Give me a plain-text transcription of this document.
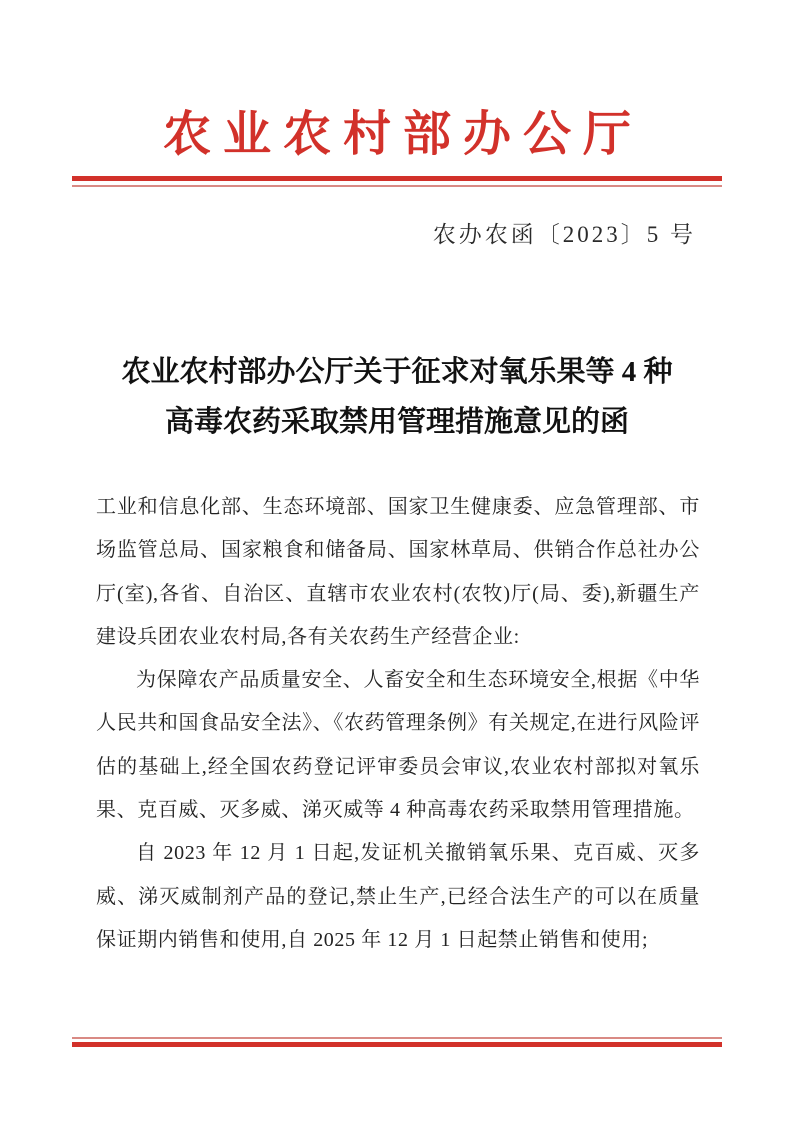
农业农村部办公厅
农办农函〔2023〕5 号
农业农村部办公厅关于征求对氧乐果等 4 种
高毒农药采取禁用管理措施意见的函

工业和信息化部、生态环境部、国家卫生健康委、应急管理部、市场监管总局、国家粮食和储备局、国家林草局、供销合作总社办公厅(室),各省、自治区、直辖市农业农村(农牧)厅(局、委),新疆生产建设兵团农业农村局,各有关农药生产经营企业:

为保障农产品质量安全、人畜安全和生态环境安全,根据《中华人民共和国食品安全法》、《农药管理条例》有关规定,在进行风险评估的基础上,经全国农药登记评审委员会审议,农业农村部拟对氧乐果、克百威、灭多威、涕灭威等 4 种高毒农药采取禁用管理措施。

自 2023 年 12 月 1 日起,发证机关撤销氧乐果、克百威、灭多威、涕灭威制剂产品的登记,禁止生产,已经合法生产的可以在质量保证期内销售和使用,自 2025 年 12 月 1 日起禁止销售和使用;
